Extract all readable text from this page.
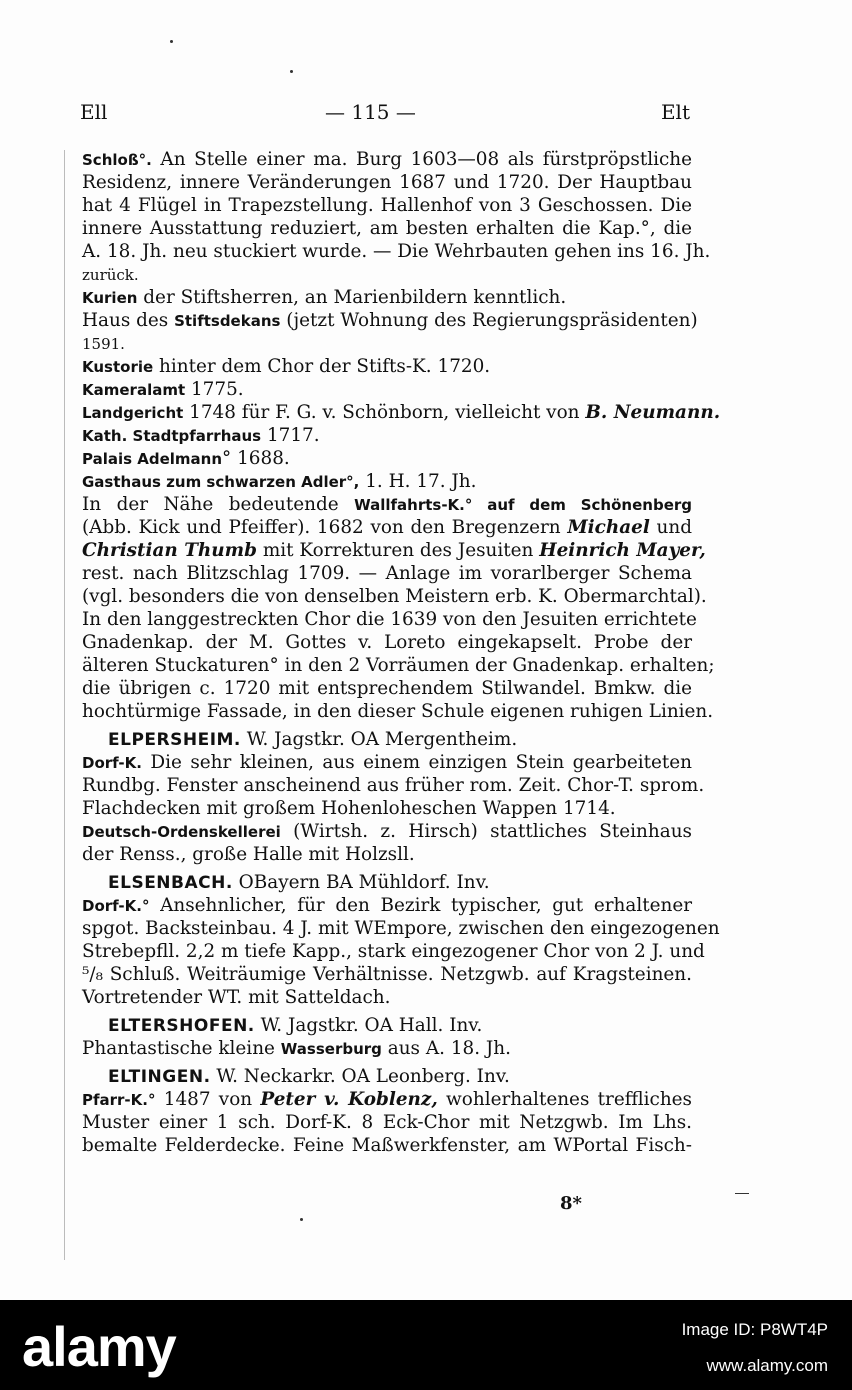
Ell	— 115 —	Elt
Schloß°. An Stelle einer ma. Burg 1603—08 als fürstpröpstliche
Residenz, innere Veränderungen 1687 und 1720. Der Hauptbau
hat 4 Flügel in Trapezstellung. Hallenhof von 3 Geschossen. Die
innere Ausstattung reduziert, am besten erhalten die Kap.°, die
A. 18. Jh. neu stuckiert wurde. — Die Wehrbauten gehen ins 16. Jh.
zurück.
Kurien der Stiftsherren, an Marienbildern kenntlich.
Haus des Stiftsdekans (jetzt Wohnung des Regierungspräsidenten)
1591.
Kustorie hinter dem Chor der Stifts-K. 1720.
Kameralamt 1775.
Landgericht 1748 für F. G. v. Schönborn, vielleicht von B. Neumann.
Kath. Stadtpfarrhaus 1717.
Palais Adelmann° 1688.
Gasthaus zum schwarzen Adler°, 1. H. 17. Jh.
In der Nähe bedeutende Wallfahrts-K.° auf dem Schönenberg
(Abb. Kick und Pfeiffer). 1682 von den Bregenzern Michael und
Christian Thumb mit Korrekturen des Jesuiten Heinrich Mayer,
rest. nach Blitzschlag 1709. — Anlage im vorarlberger Schema
(vgl. besonders die von denselben Meistern erb. K. Obermarchtal).
In den langgestreckten Chor die 1639 von den Jesuiten errichtete
Gnadenkap. der M. Gottes v. Loreto eingekapselt. Probe der
älteren Stuckaturen° in den 2 Vorräumen der Gnadenkap. erhalten;
die übrigen c. 1720 mit entsprechendem Stilwandel. Bmkw. die
hochtürmige Fassade, in den dieser Schule eigenen ruhigen Linien.
ELPERSHEIM. W. Jagstkr. OA Mergentheim.
Dorf-K. Die sehr kleinen, aus einem einzigen Stein gearbeiteten
Rundbg. Fenster anscheinend aus früher rom. Zeit. Chor-T. sprom.
Flachdecken mit großem Hohenloheschen Wappen 1714.
Deutsch-Ordenskellerei (Wirtsh. z. Hirsch) stattliches Steinhaus
der Renss., große Halle mit Holzsll.
ELSENBACH. OBayern BA Mühldorf. Inv.
Dorf-K.° Ansehnlicher, für den Bezirk typischer, gut erhaltener
spgot. Backsteinbau. 4 J. mit WEmpore, zwischen den eingezogenen
Strebepfll. 2,2 m tiefe Kapp., stark eingezogener Chor von 2 J. und
⁵/₈ Schluß. Weiträumige Verhältnisse. Netzgwb. auf Kragsteinen.
Vortretender WT. mit Satteldach.
ELTERSHOFEN. W. Jagstkr. OA Hall. Inv.
Phantastische kleine Wasserburg aus A. 18. Jh.
ELTINGEN. W. Neckarkr. OA Leonberg. Inv.
Pfarr-K.° 1487 von Peter v. Koblenz, wohlerhaltenes treffliches
Muster einer 1 sch. Dorf-K. 8 Eck-Chor mit Netzgwb. Im Lhs.
bemalte Felderdecke. Feine Maßwerkfenster, am WPortal Fisch-
8*
alamy	Image ID: P8WT4P
www.alamy.com
